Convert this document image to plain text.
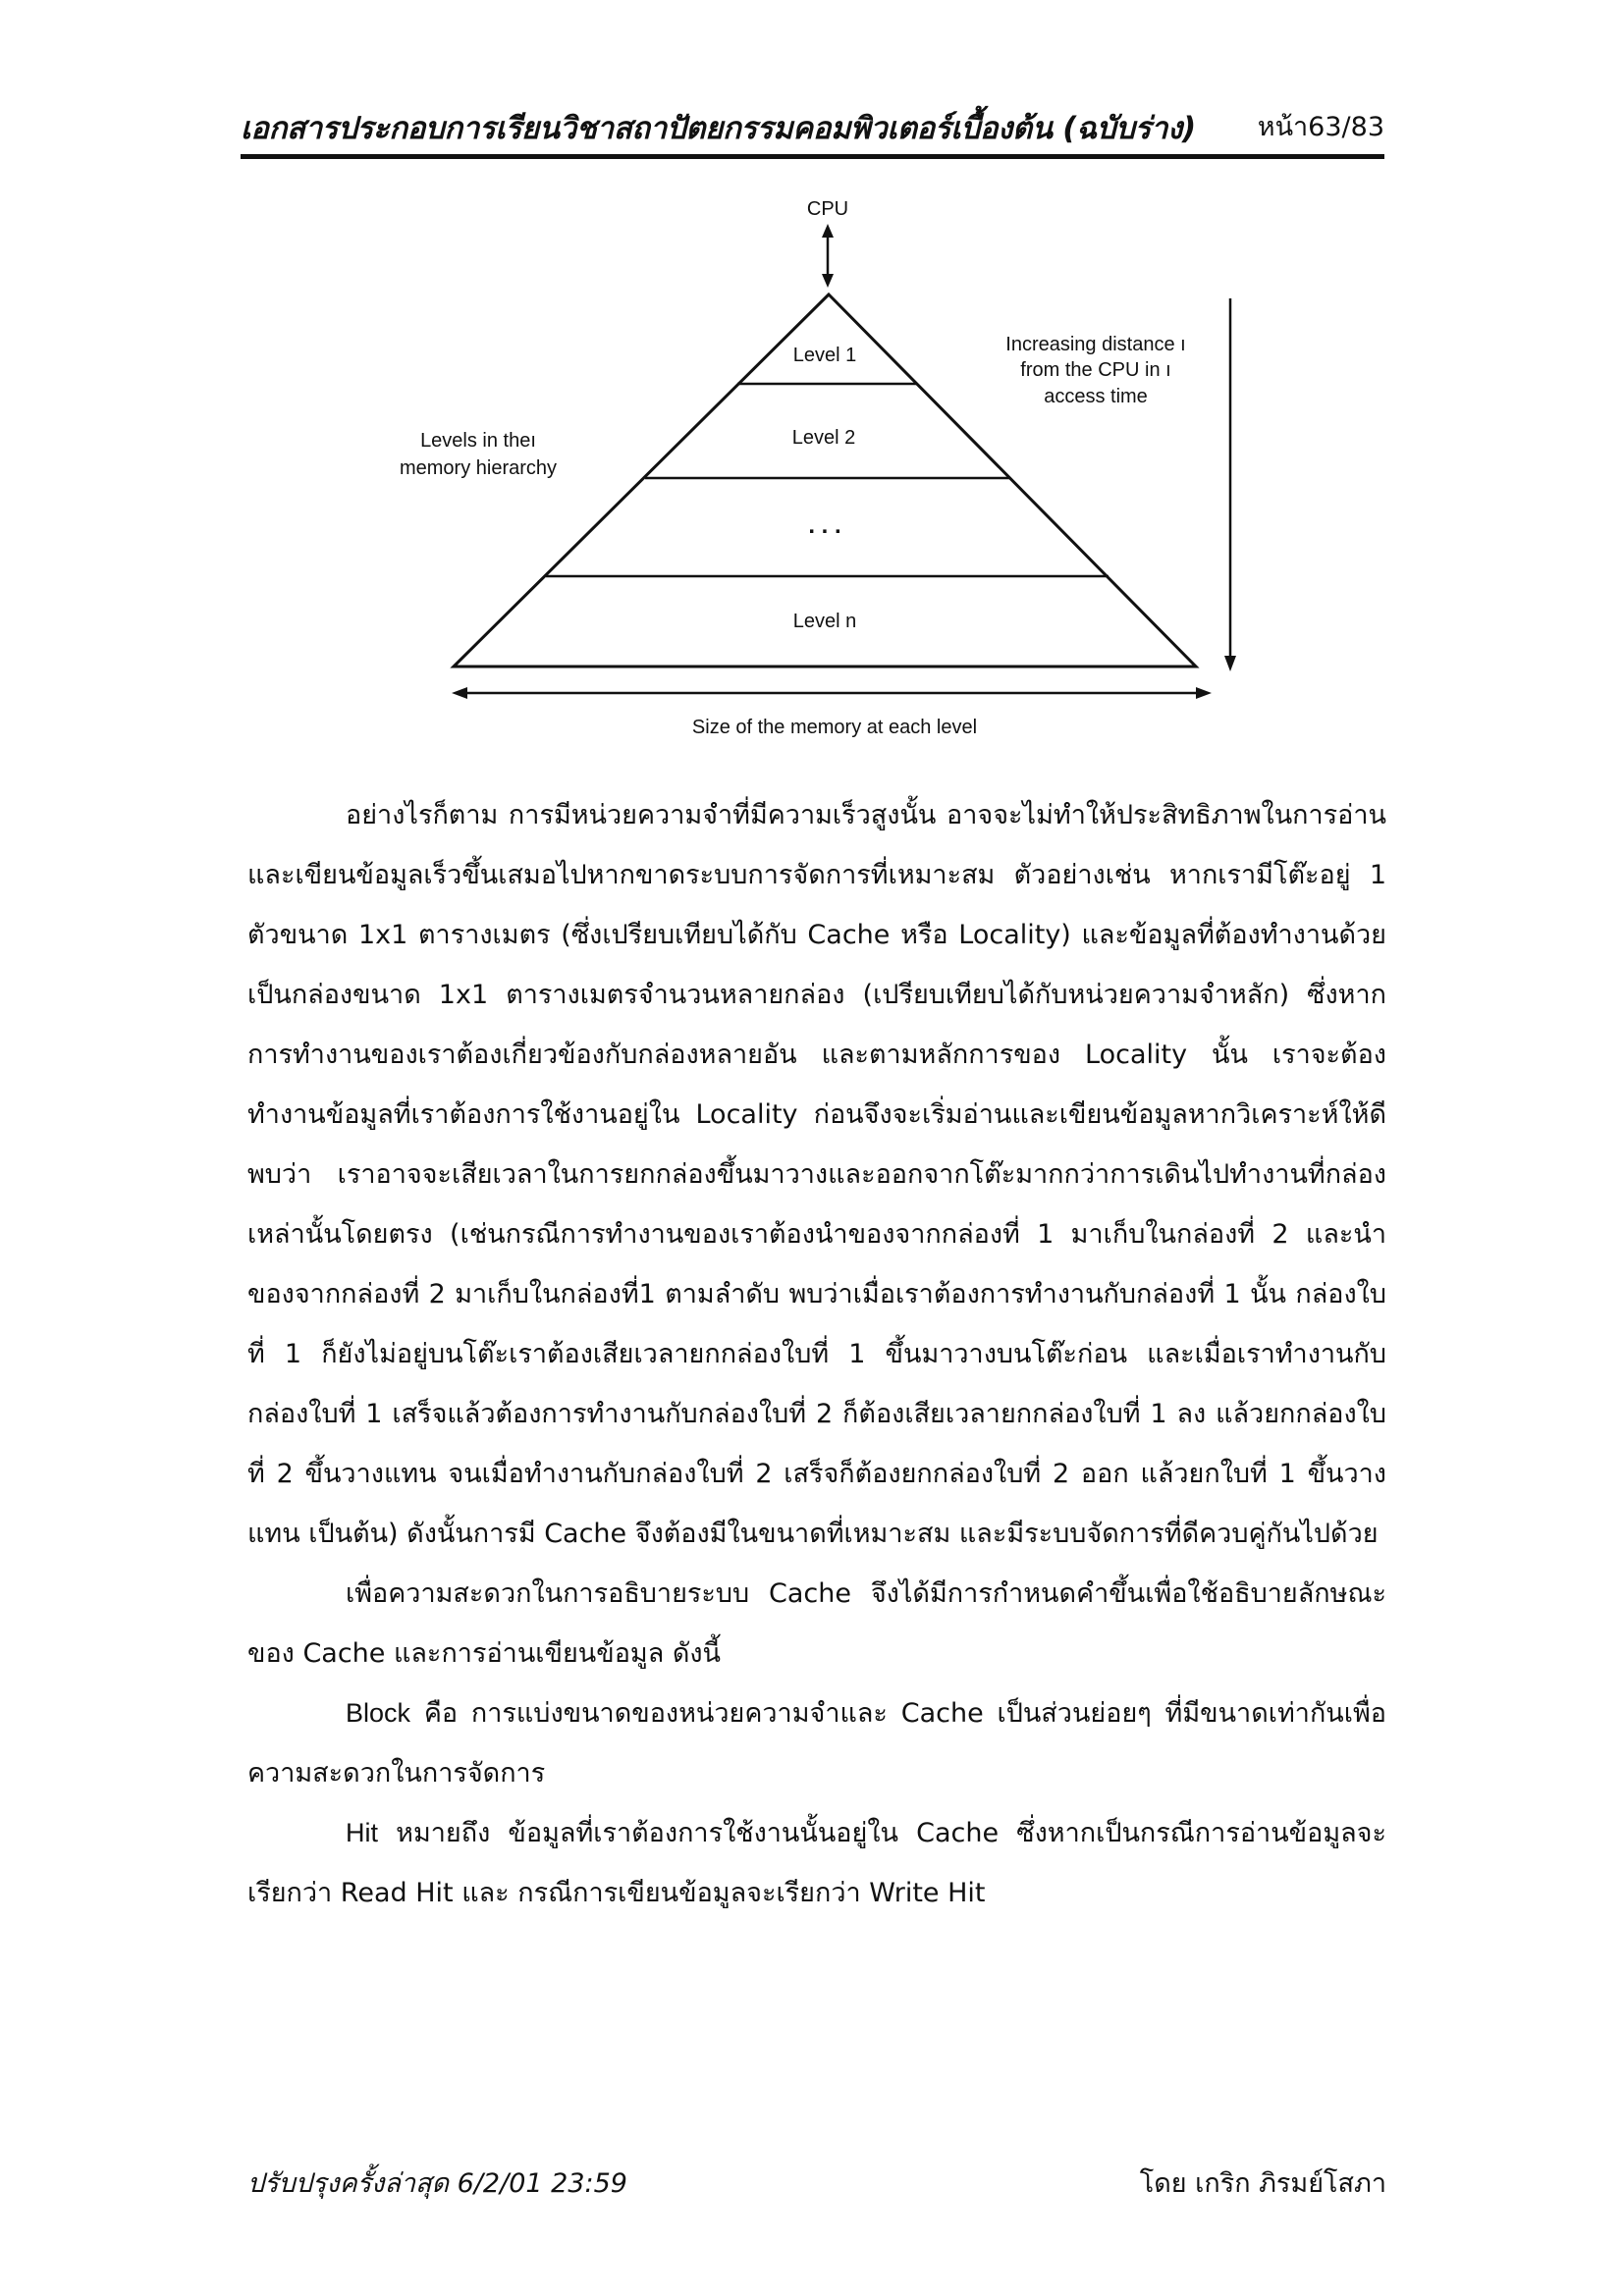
เอกสารประกอบการเรียนวิชาสถาปัตยกรรมคอมพิวเตอร์เบื้องต้น (ฉบับร่าง) หน้า63/83
CPU
Level 1
Level 2
. . .
Level n
Levels in theı
memory hierarchy
Increasing distance ı
from the CPU in ı
access time
Size of the memory at each level

อย่างไรก็ตาม การมีหน่วยความจำที่มีความเร็วสูงนั้น อาจจะไม่ทำให้ประสิทธิภาพในการอ่านและเขียนข้อมูลเร็วขึ้นเสมอไปหากขาดระบบการจัดการที่เหมาะสม ตัวอย่างเช่น หากเรามีโต๊ะอยู่ 1 ตัวขนาด 1x1 ตารางเมตร (ซึ่งเปรียบเทียบได้กับ Cache หรือ Locality) และข้อมูลที่ต้องทำงานด้วยเป็นกล่องขนาด 1x1 ตารางเมตรจำนวนหลายกล่อง (เปรียบเทียบได้กับหน่วยความจำหลัก) ซึ่งหากการทำงานของเราต้องเกี่ยวข้องกับกล่องหลายอัน และตามหลักการของ Locality นั้น เราจะต้องทำงานข้อมูลที่เราต้องการใช้งานอยู่ใน Locality ก่อนจึงจะเริ่มอ่านและเขียนข้อมูลหากวิเคราะห์ให้ดีพบว่า เราอาจจะเสียเวลาในการยกกล่องขึ้นมาวางและออกจากโต๊ะมากกว่าการเดินไปทำงานที่กล่องเหล่านั้นโดยตรง (เช่นกรณีการทำงานของเราต้องนำของจากกล่องที่ 1 มาเก็บในกล่องที่ 2 และนำของจากกล่องที่ 2 มาเก็บในกล่องที่1 ตามลำดับ พบว่าเมื่อเราต้องการทำงานกับกล่องที่ 1 นั้น กล่องใบที่ 1 ก็ยังไม่อยู่บนโต๊ะเราต้องเสียเวลายกกล่องใบที่ 1 ขึ้นมาวางบนโต๊ะก่อน และเมื่อเราทำงานกับกล่องใบที่ 1 เสร็จแล้วต้องการทำงานกับกล่องใบที่ 2 ก็ต้องเสียเวลายกกล่องใบที่ 1 ลง แล้วยกกล่องใบที่ 2 ขึ้นวางแทน จนเมื่อทำงานกับกล่องใบที่ 2 เสร็จก็ต้องยกกล่องใบที่ 2 ออก แล้วยกใบที่ 1 ขึ้นวางแทน เป็นต้น) ดังนั้นการมี Cache จึงต้องมีในขนาดที่เหมาะสม และมีระบบจัดการที่ดีควบคู่กันไปด้วย

เพื่อความสะดวกในการอธิบายระบบ Cache จึงได้มีการกำหนดคำขึ้นเพื่อใช้อธิบายลักษณะของ Cache และการอ่านเขียนข้อมูล ดังนี้

Block คือ การแบ่งขนาดของหน่วยความจำและ Cache เป็นส่วนย่อยๆ ที่มีขนาดเท่ากันเพื่อความสะดวกในการจัดการ

Hit หมายถึง ข้อมูลที่เราต้องการใช้งานนั้นอยู่ใน Cache ซึ่งหากเป็นกรณีการอ่านข้อมูลจะเรียกว่า Read Hit และ กรณีการเขียนข้อมูลจะเรียกว่า Write Hit

ปรับปรุงครั้งล่าสุด 6/2/01 23:59	โดย เกริก ภิรมย์โสภา
